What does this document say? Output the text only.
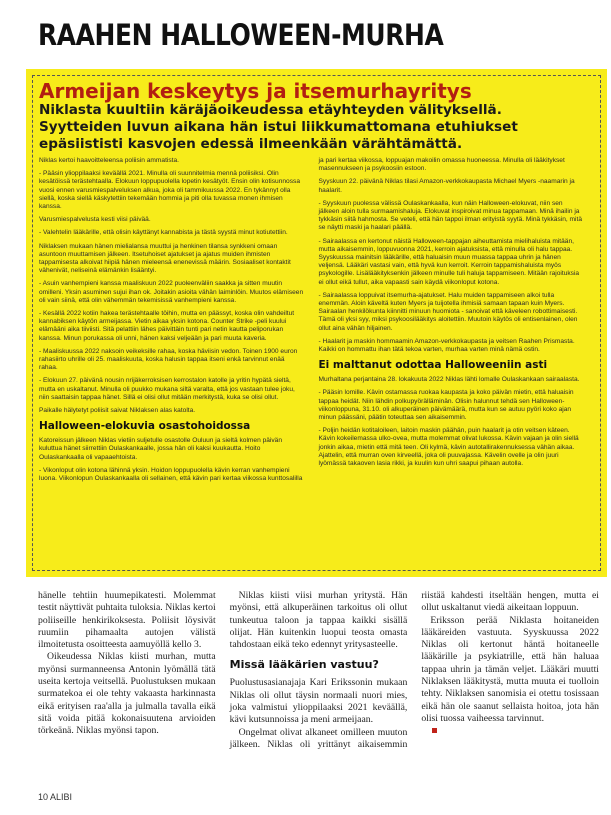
RAAHEN HALLOWEEN-MURHA
Armeijan keskeytys ja itsemurhayritys
Niklasta kuultiin käräjäoikeudessa etäyhteyden välityksellä. Syytteiden luvun aikana hän istui liikkumattomana etuhiukset epäsiististi kasvojen edessä ilmeenkään värähtämättä.

Niklas kertoi haavoitteleensa poliisin ammatista.

- Pääsin ylioppilaaksi keväällä 2021. Minulla oli suunnitelmia mennä poliisiksi. Olin kesätöissä terästehtaalla. Elokuun loppupuolella lopetin kesätyöt. Ensin olin kotisunnossa vuosi ennen varusmiespalveluksen alkua, joka oli tammikuussa 2022. En tykännyt olla siellä, koska siellä käskytettiin tekemään hommia ja piti olla tuvassa monen ihmisen kanssa.

Varusmiespalvelusta kesti viisi päivää.

- Valehtelin lääkärille, että olisin käyttänyt kannabista ja tästä syystä minut kotiutettiin.

Niklaksen mukaan hänen mielialansa muuttui ja henkinen tilansa synkkeni omaan asuntoon muuttamisen jälkeen. Itsetuhoiset ajatukset ja ajatus muiden ihmisten tappamisesta alkoivat hiipiä hänen mieleensä enenevissä määrin. Sosiaaliset kontaktit vähenivät, neliseinä elämänkin lisääntyi.

- Asuin vanhempieni kanssa maaliskuun 2022 puoleenväliin saakka ja sitten muutin omilleni. Yksin asuminen sujui ihan ok. Joitakin asioita vähän laiminlöin. Muutos elämiseen oli vain siinä, että olin vähemmän tekemisissä vanhempieni kanssa.

- Kesällä 2022 kotiin hakea terästehtaalle töihin, mutta en päässyt, koska olin vahdeiltut kannabiksen käytön armeijassa. Vietin aikaa yksin kotona. Counter Strike -peli kuului elämääni aika tiiviisti. Sitä pelattiin lähes päivittäin tunti pari netin kautta peliporukan kanssa. Minun porukassa oli unni, hänen kaksi veljeään ja pari muuta kaveria.

- Maaliskuussa 2022 naksoin veikeksille rahaa, koska häviisin vedon. Toinen 1900 euron rahasiirto uhrille oli 25. maaliskuuta, koska halusin tappaa itseni enkä tarvinnut enää rahaa.

- Elokuun 27. päivänä nousin nrijäkerroksisen kerrostalon katolle ja yritin hypätä sieltä, mutta en uskaltanut. Minulla oli puukko mukana siltä varalta, että jos vastaan tulee joku, niin saattaisin tappaa hänet. Sillä ei olisi ollut mitään merkitystä, kuka se olisi ollut.

Paikalle hälytetyt poliisit saivat Niklaksen alas katolta.

Halloween-elokuvia osastohoidossa

Katoreissun jälkeen Niklas vietiin suljetulle osastolle Ouluun ja sieltä kolmen päivän kuluttua hänet siirrettiin Oulaskankaalle, jossa hän oli kaksi kuukautta. Hoito Oulaskankaalla oli vapaaehtoista.

- Vikonloput olin kotona lähinnä yksin. Hoidon loppupuolella kävin kerran vanhempieni luona. Viikonlopun Oulaskankaalla oli sellainen, että kävin pari kertaa viikossa kunttosalilla ja pari kertaa viikossa, loppuajan makoilin omassa huoneessa. Minulla oli lääkitykset masennukseen ja psykoosiin estoon.

Syyskuun 22. päivänä Niklas tilasi Amazon-verkkokaupasta Michael Myers -naamarin ja haalarit.

- Syyskuun puolessa välissä Oulaskankaalla, kun näin Halloween-elokuvat, niin sen jälkeen aloin tulla surmaamishaluja. Elokuvat inspiroivat minua tappamaan. Minä ihailin ja tykkäsin siitä hahmosta. Se veteli, että hän tappoi ilman erityistä syytä. Minä tykkäsin, mitä se näytti maski ja haalari päällä.

- Sairaalassa en kertonut näistä Halloween-tappajan aiheuttamista mielihaluista mitään, mutta aikaisemmin, loppuvuonna 2021, kerroin ajatuksista, että minulla oli halu tappaa. Syyskuussa mainitsin lääkärille, että haluaisin muun muassa tappaa uhrin ja hänen veljensä. Lääkäri vastasi vain, että hyvä kun kerroit. Kerroin tappamishaluista myös psykologille. Lisälääkityksenkin jälkeen minulle tuli haluja tappamiseen. Mitään rajoituksia ei ollut eikä tullut, aika vapaasti sain käydä viikonloput kotona.

- Sairaalassa loppuivat itsemurha-ajatukset. Halu muiden tappamiseen alkoi tulla enemmän. Aloin käveltä kuten Myers ja tuijotella ihmisiä samaan tapaan kuin Myers. Sairaalan henkilökunta kiinnitti minuun huomiota - sanoivat että käveleen robottimaisesti. Tämä oli yksi syy, miksi psykoosilääkitys aloitettiin. Muutoin käytös oli entisenlainen, olen ollut aina vähän hiljainen.

- Haalarit ja maskin hommaamin Amazon-verkkokaupasta ja veitsen Raahen Prismasta. Kaikki on hommattu ihan tätä tekoa varten, murhaa varten minä nämä ostin.

Ei malttanut odottaa Halloweeniin asti

Murhaltana perjantaina 28. lokakuuta 2022 Niklas lähti lomalle Oulaskankaan sairaalasta.

- Pääsin lomille. Kävin ostamassa ruokaa kaupasta ja koko päivän mietin, että haluaisin tappaa heidät. Niin lähdin polkupyörälläminän. Olisin halunnut tehdä sen Halloween-viikonloppuna, 31.10. oli alkuperäinen päivämäärä, mutta kun se autuu pyöri koko ajan minun päässäni, päätin toteuttaa sen aikaisemmin.

- Poljin heidän kotitaloileen, laitoin maskin päähän, puin haalarit ja otin veitsen käteen. Kävin kokeilemassa ulko-ovea, mutta molemmat olivat lukossa. Kävin vajaan ja olin siellä jonkin aikaa, mietin että mitä teen. Oli kylmä, kävin autotallirakennuksessa vähän aikaa. Ajattelin, että murran oven kirveellä, joka oli puuvajassa. Kävelin ovelle ja olin juuri lyömässä takaoven lasia rikki, ja kuulin kun uhri saapui pihaan autolla.

hänelle tehtiin huumepikatesti. Molemmat testit näyttivät puhtaita tuloksia. Niklas kertoi poliiseille henkirikoksesta. Poliisit löysivät ruumiin pihamaalta autojen välistä ilmoitetusta osoitteesta aamuyöllä kello 3.

Oikeudessa Niklas kiisti murhan, mutta myönsi surmanneensa Antonin lyömällä tätä useita kertoja veitsellä. Puolustuksen mukaan surmatekoa ei ole tehty vakaasta harkinnasta eikä erityisen raa'alla ja julmalla tavalla eikä sitä voida pitää kokonaisuutena arvioiden törkeänä. Niklas myönsi tapon.

Niklas kiisti viisi murhan yritystä. Hän myönsi, että alkuperäinen tarkoitus oli ollut tunkeutua taloon ja tappaa kaikki sisällä olijat. Hän kuitenkin luopui teosta omasta tahdostaan eikä teko edennyt yritysasteelle.

Missä lääkärien vastuu?

Puolustusasianajaja Kari Erikssonin mukaan Niklas oli ollut täysin normaali nuori mies, joka valmistui ylioppilaaksi 2021 keväällä, kävi kutsunnoissa ja meni armeijaan.

Ongelmat olivat alkaneet omilleen muuton jälkeen. Niklas oli yrittänyt aikaisemmin riistää kahdesti itseltään hengen, mutta ei ollut uskaltanut viedä aikeitaan loppuun.

Eriksson perää Niklasta hoitaneiden lääkäreiden vastuuta. Syyskuussa 2022 Niklas oli kertonut häntä hoitaneelle lääkärille ja psykiatrille, että hän haluaa tappaa uhrin ja tämän veljet. Lääkäri muutti Niklaksen lääkitystä, mutta muuta ei tuolloin tehty. Niklaksen sanomisia ei otettu tosissaan eikä hän ole saanut sellaista hoitoa, jota hän olisi tuossa vaiheessa tarvinnut.

10 ALIBI
